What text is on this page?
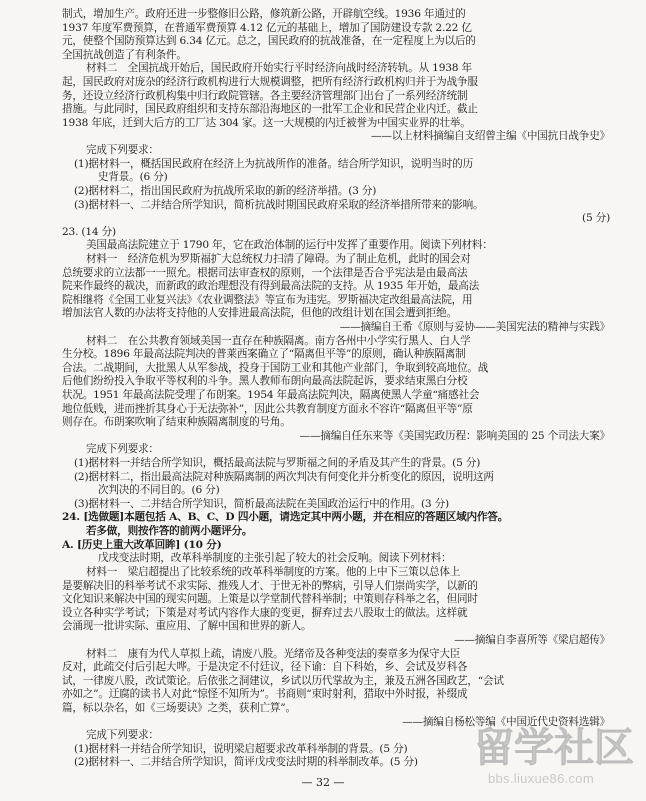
制式，增加生产。政府还进一步整修旧公路，修筑新公路，开辟航空线。1936 年通过的
1937 年度军费预算，在普通军费预算 4.12 亿元的基础上，增加了国防建设专款 2.22 亿
元，使整个国防预算达到 6.34 亿元。总之，国民政府的抗战准备，在一定程度上为以后的
全国抗战创造了有利条件。
材料二　全国抗战开始后，国民政府开始实行平时经济向战时经济转轨。从 1938 年
起，国民政府对庞杂的经济行政机构进行大规模调整，把所有经济行政机构归并于为战争服
务，还设立经济行政机构集中归行政院管辖。各主要经济管理部门出台了一系列经济统制
措施。与此同时，国民政府组织和支持东部沿海地区的一批军工企业和民营企业内迁。截止
1938 年底，迁到大后方的工厂达 304 家。这一大规模的内迁被誉为中国实业界的壮举。
——以上材料摘编自支绍曾主编《中国抗日战争史》
完成下列要求：
(1)据材料一，概括国民政府在经济上为抗战所作的准备。结合所学知识，说明当时的历
史背景。(6 分)
(2)据材料二，指出国民政府为抗战所采取的新的经济举措。(3 分)
(3)据材料一、二并结合所学知识，简析抗战时期国民政府采取的经济举措所带来的影响。
(5 分)
23. (14 分)
美国最高法院建立于 1790 年，它在政治体制的运行中发挥了重要作用。阅读下列材料：
材料一　经济危机为罗斯福扩大总统权力扫清了障碍。为了制止危机，此时的国会对
总统要求的立法都一一照允。根据司法审查权的原则，一个法律是否合乎宪法是由最高法
院来作最终的裁决，而新政的政治理想没有得到最高法院的支持。从 1935 年开始，最高法
院相继将《全国工业复兴法》《农业调整法》等宣布为违宪。罗斯福决定改组最高法院，用
增加法官人数的办法将支持他的人安排进最高法院，但他的改组计划在国会遭到拒绝。
——摘编自王希《原则与妥协——美国宪法的精神与实践》
材料二　在公共教育领域美国一直存在种族隔离。南方各州中小学实行黑人、白人学
生分校。1896 年最高法院判决的普莱西案确立了“隔离但平等”的原则，确认种族隔离制
合法。二战期间，大批黑人从军参战，投身于国防工业和其他产业部门，争取到较高地位。战
后他们纷纷投入争取平等权利的斗争。黑人教师布朗向最高法院起诉，要求结束黑白分校
状况。1951 年最高法院受理了布朗案。1954 年最高法院判决，隔离使黑人学童“痛感社会
地位低贱，进而挫折其身心于无法弥补”，因此公共教育制度方面永不容许“隔离但平等”原
则存在。布朗案吹响了结束种族隔离制度的号角。
——摘编自任东来等《美国宪政历程：影响美国的 25 个司法大案》
完成下列要求：
(1)据材料一并结合所学知识，概括最高法院与罗斯福之间的矛盾及其产生的背景。(5 分)
(2)据材料二，指出最高法院对种族隔离制的两次判决有何变化并分析变化的原因，说明这两
次判决的不同目的。(6 分)
(3)据材料一、二并结合所学知识，简析最高法院在美国政治运行中的作用。(3 分)
24. [选做题]本题包括 A、B、C、D 四小题，请选定其中两小题，并在相应的答题区域内作答。
若多做，则按作答的前两小题评分。
A. [历史上重大改革回眸] (10 分)
戊戌变法时期，改革科举制度的主张引起了较大的社会反响。阅读下列材料：
材料一　梁启超提出了比较系统的改革科举制度的方案。他的上中下三策以总体上
是要解决旧的科举考试不求实际、推残人才、于世无补的弊病，引导人们崇尚实学，以新的
文化知识来解决中国的现实问题。上策是以学堂制代替科举制；中策则存科举之名，但同时
设立各种实学考试；下策是对考试内容作大康的变更，摒弃过去八股取士的做法。这样就
会涌现一批讲实际、重应用、了解中国和世界的新人。
——摘编自李喜所等《梁启超传》
材料二　康有为代人草拟上疏，请废八股。光绪帝及各种变法的奏章多为保守大臣
反对，此疏交付后引起大哗。于是决定不付廷议，径下谕：自下科始，乡、会试及岁科各
试，一律废八股，改试策论。后依张之洞建议，乡试以历代掌故为主，兼及五洲各国政艺，“会试
亦如之”。迂腐的读书人对此“惊怪不知所为”。书商则“束时射利，猎取中外时报，补缀成
篇，标以杂名，如《三场要诀》之类，获利亡算”。
——摘编自杨松等编《中国近代史资料选辑》
完成下列要求：
(1)据材料一并结合所学知识，说明梁启超要求改革科举制的背景。(5 分)
(2)据材料一、二并结合所学知识，简评戊戌变法时期的科举制改革。(5 分)
— 32 —
留学社区
bbs.liuxue86.com
